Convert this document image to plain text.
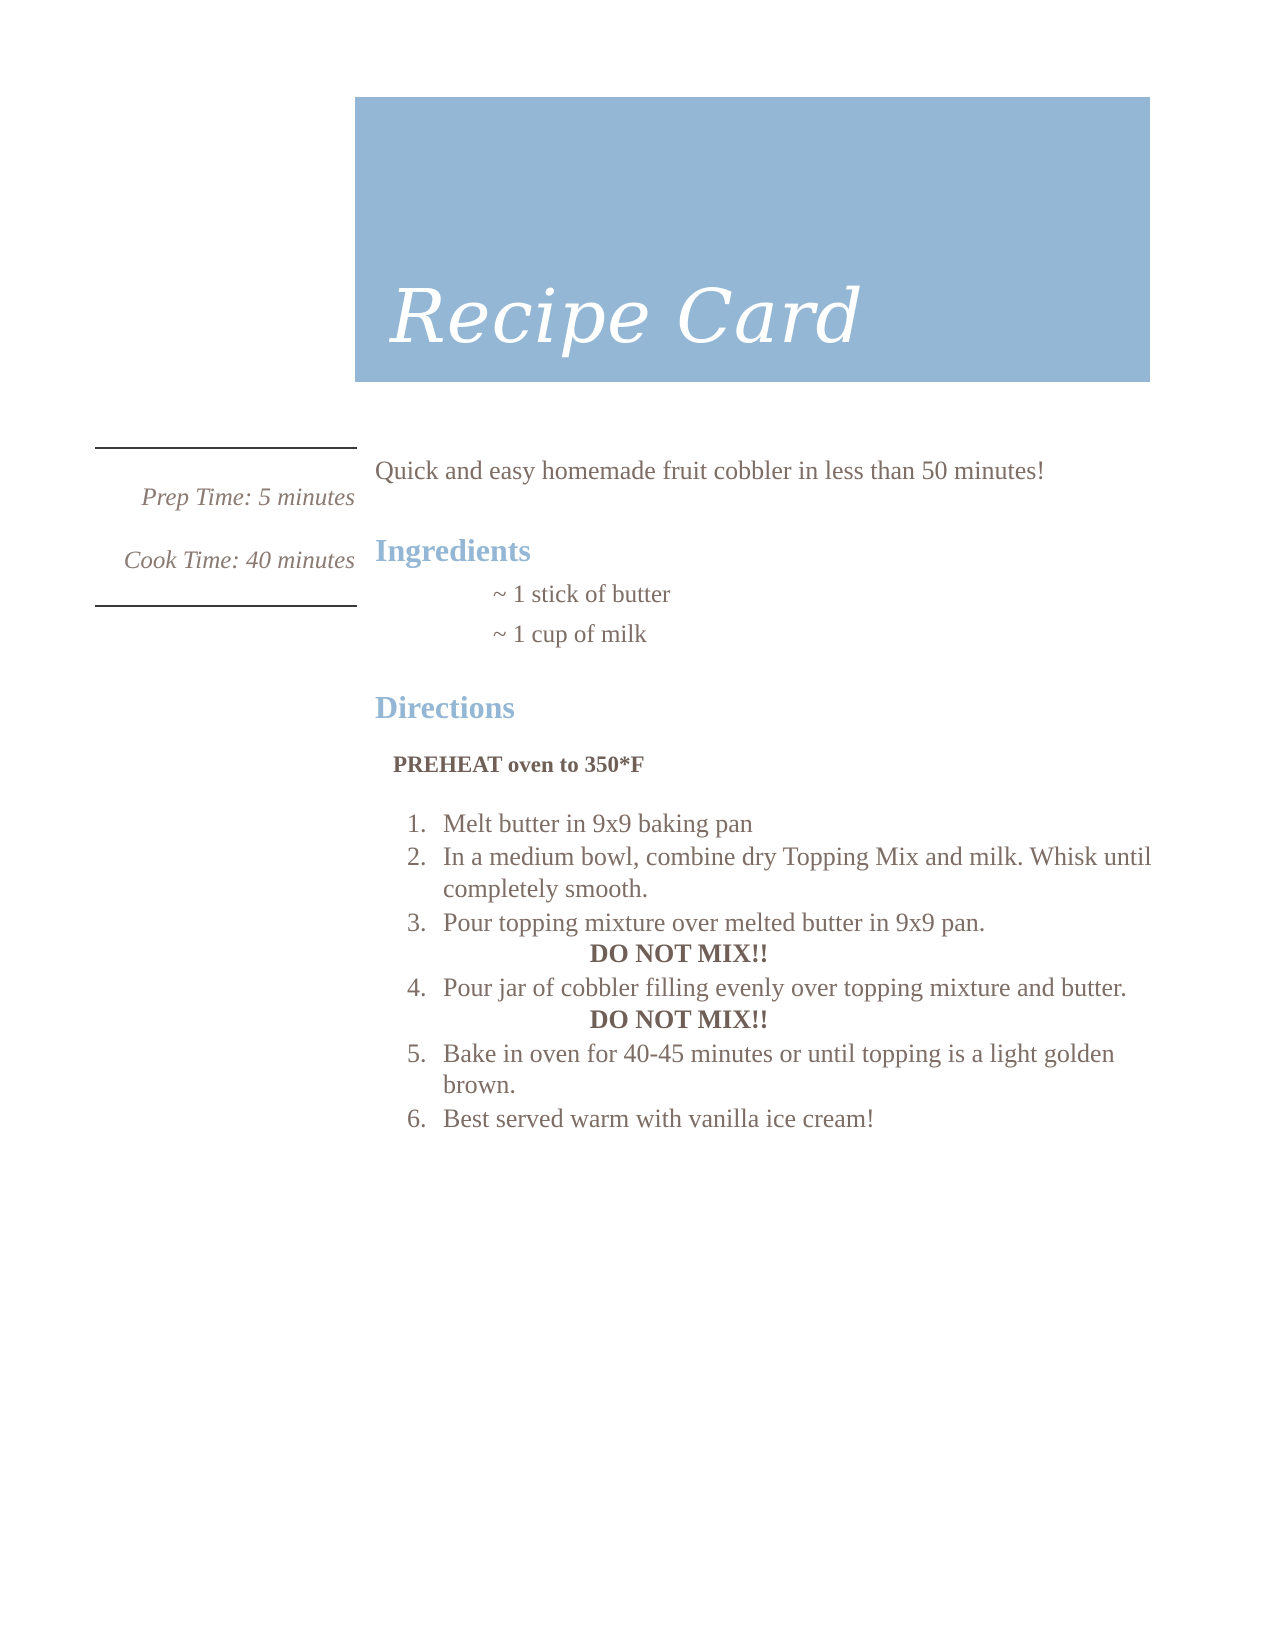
Recipe Card
Prep Time: 5 minutes
Cook Time: 40 minutes

Quick and easy homemade fruit cobbler in less than 50 minutes!

Ingredients
~ 1 stick of butter
~ 1 cup of milk
Directions

PREHEAT oven to 350*F

1. Melt butter in 9x9 baking pan
2. In a medium bowl, combine dry Topping Mix and milk. Whisk until completely smooth.
3. Pour topping mixture over melted butter in 9x9 pan.
DO NOT MIX!!
4. Pour jar of cobbler filling evenly over topping mixture and butter.
DO NOT MIX!!
5. Bake in oven for 40-45 minutes or until topping is a light golden brown.
6. Best served warm with vanilla ice cream!
